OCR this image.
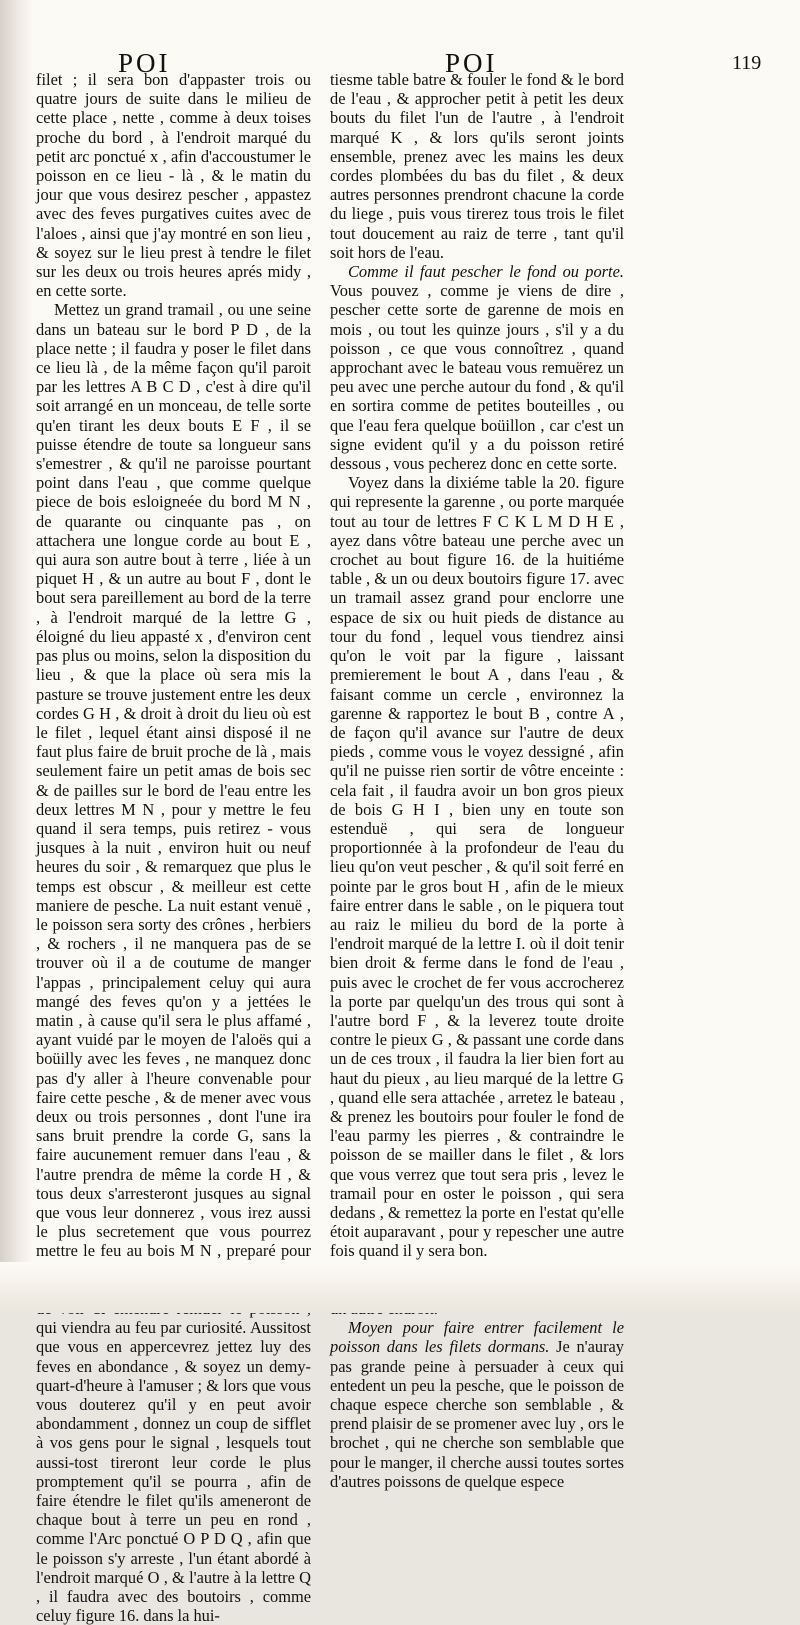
POI	POI	119

filet ; il sera bon d'appaster trois ou quatre jours de suite dans le milieu de cette place , nette , comme à deux toises proche du bord , à l'endroit marqué du petit arc ponctué x , afin d'accoustumer le poisson en ce lieu - là , & le matin du jour que vous desirez pescher , appastez avec des feves purgatives cuites avec de l'aloes , ainsi que j'ay montré en son lieu , & soyez sur le lieu prest à tendre le filet sur les deux ou trois heures aprés midy , en cette sorte.

Mettez un grand tramail , ou une seine dans un bateau sur le bord P D , de la place nette ; il faudra y poser le filet dans ce lieu là , de la même façon qu'il paroit par les lettres A B C D , c'est à dire qu'il soit arrangé en un monceau, de telle sorte qu'en tirant les deux bouts E F , il se puisse étendre de toute sa longueur sans s'emestrer , & qu'il ne paroisse pourtant point dans l'eau , que comme quelque piece de bois esloigneée du bord M N , de quarante ou cinquante pas , on attachera une longue corde au bout E , qui aura son autre bout à terre , liée à un piquet H , & un autre au bout F , dont le bout sera pareillement au bord de la terre , à l'endroit marqué de la lettre G , éloigné du lieu appasté x , d'environ cent pas plus ou moins, selon la disposition du lieu , & que la place où sera mis la pasture se trouve justement entre les deux cordes G H , & droit à droit du lieu où est le filet , lequel étant ainsi disposé il ne faut plus faire de bruit proche de là , mais seulement faire un petit amas de bois sec & de pailles sur le bord de l'eau entre les deux lettres M N , pour y mettre le feu quand il sera temps, puis retirez - vous jusques à la nuit , environ huit ou neuf heures du soir , & remarquez que plus le temps est obscur , & meilleur est cette maniere de pesche. La nuit estant venuë , le poisson sera sorty des crônes , herbiers , & rochers , il ne manquera pas de se trouver où il a de coutume de manger l'appas , principalement celuy qui aura mangé des feves qu'on y a jettées le matin , à cause qu'il sera le plus affamé , ayant vuidé par le moyen de l'aloës qui a boüilly avec les feves , ne manquez donc pas d'y aller à l'heure convenable pour faire cette pesche , & de mener avec vous deux ou trois personnes , dont l'une ira sans bruit prendre la corde G, sans la faire aucunement remuer dans l'eau , & l'autre prendra de même la corde H , & tous deux s'arresteront jusques au signal que vous leur donnerez , vous irez aussi le plus secretement que vous pourrez mettre le feu au bois M N , preparé pour qui viendra au feu par curiosité. Aussitost que vous en appercevrez jettez luy des feves en abondance , & soyez un demy-quart-d'heure à l'amuser ; & lors que vous vous douterez qu'il y en peut avoir abondamment , donnez un coup de sifflet à vos gens pour le signal , lesquels tout aussi-tost tireront leur corde le plus promptement qu'il se pourra , afin de faire étendre le filet qu'ils ameneront de chaque bout à terre un peu en rond , comme l'Arc ponctué O P D Q , afin que le poisson s'y arreste , l'un étant abordé à l'endroit marqué O , & l'autre à la lettre Q , il faudra avec des boutoirs , comme celuy figure 16. dans la hui-

tiesme table batre & fouler le fond & le bord de l'eau , & approcher petit à petit les deux bouts du filet l'un de l'autre , à l'endroit marqué K , & lors qu'ils seront joints ensemble, prenez avec les mains les deux cordes plombées du bas du filet , & deux autres personnes prendront chacune la corde du liege , puis vous tirerez tous trois le filet tout doucement au raiz de terre , tant qu'il soit hors de l'eau.

Comme il faut pescher le fond ou porte. Vous pouvez , comme je viens de dire , pescher cette sorte de garenne de mois en mois , ou tout les quinze jours , s'il y a du poisson , ce que vous connoîtrez , quand approchant avec le bateau vous remuërez un peu avec une perche autour du fond , & qu'il en sortira comme de petites bouteilles , ou que l'eau fera quelque boüillon , car c'est un signe evident qu'il y a du poisson retiré dessous , vous pecherez donc en cette sorte.

Voyez dans la dixiéme table la 20. figure qui represente la garenne , ou porte marquée tout au tour de lettres F C K L M D H E , ayez dans vôtre bateau une perche avec un crochet au bout figure 16. de la huitiéme table , & un ou deux boutoirs figure 17. avec un tramail assez grand pour enclorre une espace de six ou huit pieds de distance au tour du fond , lequel vous tiendrez ainsi qu'on le voit par la figure , laissant premierement le bout A , dans l'eau , & faisant comme un cercle , environnez la garenne & rapportez le bout B , contre A , de façon qu'il avance sur l'autre de deux pieds , comme vous le voyez dessigné , afin qu'il ne puisse rien sortir de vôtre enceinte : cela fait , il faudra avoir un bon gros pieux de bois G H I , bien uny en toute son estenduë , qui sera de longueur proportionnée à la profondeur de l'eau du lieu qu'on veut pescher , & qu'il soit ferré en pointe par le gros bout H , afin de le mieux faire entrer dans le sable , on le piquera tout au raiz le milieu du bord de la porte à l'endroit marqué de la lettre I. où il doit tenir bien droit & ferme dans le fond de l'eau , puis avec le crochet de fer vous accrocherez la porte par quelqu'un des trous qui sont à l'autre bord F , & la leverez toute droite contre le pieux G , & passant une corde dans un de ces troux , il faudra la lier bien fort au haut du pieux , au lieu marqué de la lettre G , quand elle sera attachée , arretez le bateau , & prenez les boutoirs pour fouler le fond de l'eau parmy les pierres , & contraindre le poisson de se mailler dans le filet , & lors que vous verrez que tout sera pris , levez le tramail pour en oster le poisson , qui sera dedans , & remettez la porte en l'estat qu'elle étoit auparavant , pour y repescher une autre fois quand il y sera bon.

Moyen pour faire entrer facilement le poisson dans les filets dormans. Je n'auray pas grande peine à persuader à ceux qui entedent un peu la pesche, que le poisson de chaque espece cherche son semblable , & prend plaisir de se promener avec luy , ors le brochet , qui ne cherche son semblable que pour le manger, il cherche aussi toutes sortes d'autres poissons de quelque espece
